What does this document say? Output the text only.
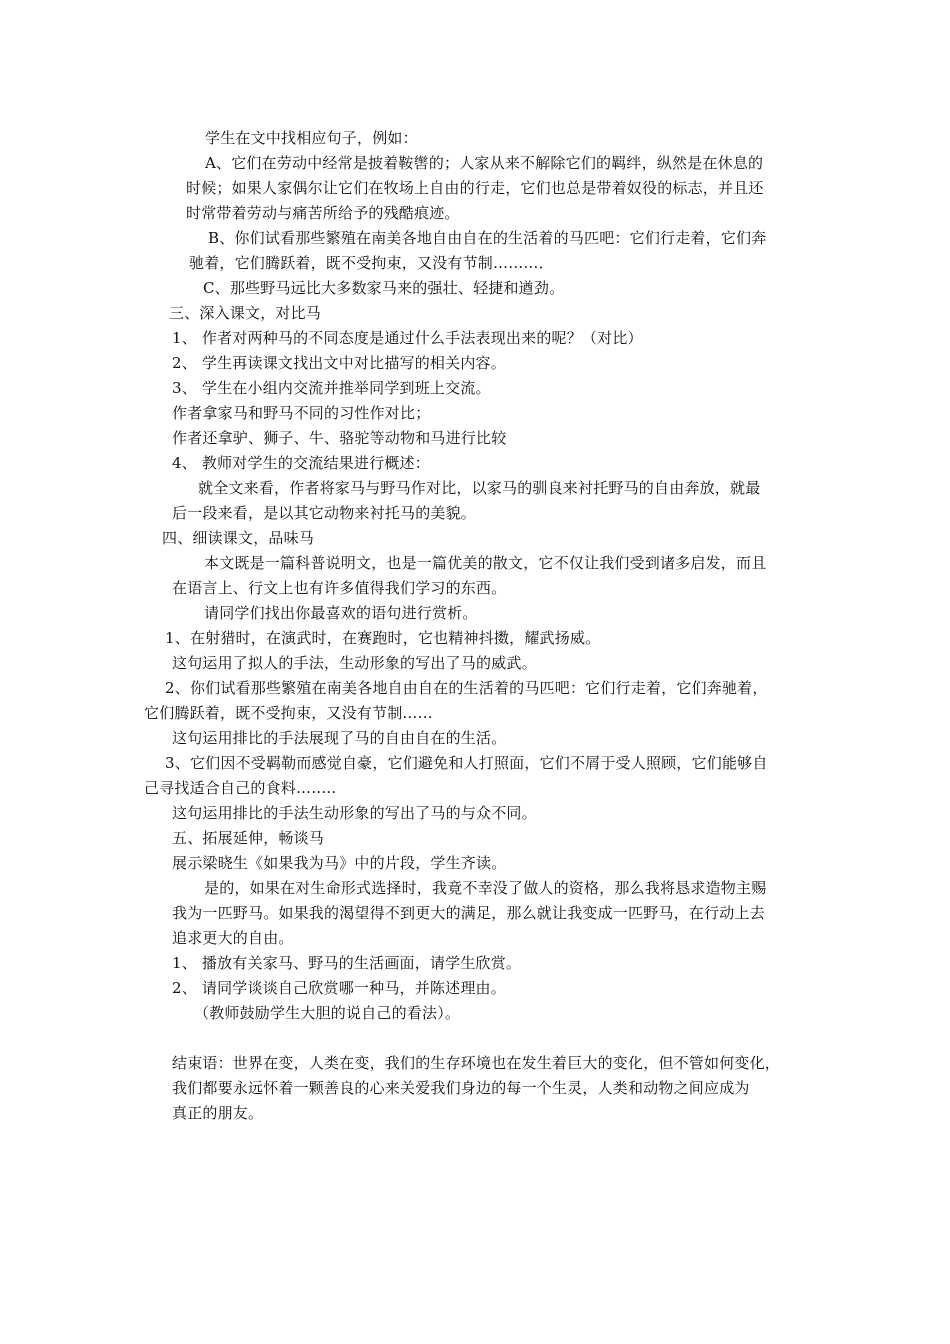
学生在文中找相应句子，例如：
A、它们在劳动中经常是披着鞍辔的；人家从来不解除它们的羁绊，纵然是在休息的
时候；如果人家偶尔让它们在牧场上自由的行走，它们也总是带着奴役的标志，并且还
时常带着劳动与痛苦所给予的残酷痕迹。
B、你们试看那些繁殖在南美各地自由自在的生活着的马匹吧：它们行走着，它们奔
驰着，它们腾跃着，既不受拘束，又没有节制………．
C、那些野马远比大多数家马来的强壮、轻捷和遒劲。
三、深入课文，对比马
1、 作者对两种马的不同态度是通过什么手法表现出来的呢？（对比）
2、 学生再读课文找出文中对比描写的相关内容。
3、 学生在小组内交流并推举同学到班上交流。
作者拿家马和野马不同的习性作对比；
作者还拿驴、狮子、牛、骆驼等动物和马进行比较
4、 教师对学生的交流结果进行概述：
就全文来看，作者将家马与野马作对比，以家马的驯良来衬托野马的自由奔放，就最
后一段来看，是以其它动物来衬托马的美貌。
四、细读课文，品味马
本文既是一篇科普说明文，也是一篇优美的散文，它不仅让我们受到诸多启发，而且
在语言上、行文上也有许多值得我们学习的东西。
请同学们找出你最喜欢的语句进行赏析。
1、在射猎时，在演武时，在赛跑时，它也精神抖擞，耀武扬威。
这句运用了拟人的手法，生动形象的写出了马的威武。
2、你们试看那些繁殖在南美各地自由自在的生活着的马匹吧：它们行走着，它们奔驰着，
它们腾跃着，既不受拘束，又没有节制……
这句运用排比的手法展现了马的自由自在的生活。
3、它们因不受羁勒而感觉自豪，它们避免和人打照面，它们不屑于受人照顾，它们能够自
己寻找适合自己的食料……..
这句运用排比的手法生动形象的写出了马的与众不同。
五、拓展延伸，畅谈马
展示梁晓生《如果我为马》中的片段，学生齐读。
是的，如果在对生命形式选择时，我竟不幸没了做人的资格，那么我将恳求造物主赐
我为一匹野马。如果我的渴望得不到更大的满足，那么就让我变成一匹野马，在行动上去
追求更大的自由。
1、 播放有关家马、野马的生活画面，请学生欣赏。
2、 请同学谈谈自己欣赏哪一种马，并陈述理由。
（教师鼓励学生大胆的说自己的看法）。
结束语：世界在变，人类在变，我们的生存环境也在发生着巨大的变化，但不管如何变化，
我们都要永远怀着一颗善良的心来关爱我们身边的每一个生灵，人类和动物之间应成为
真正的朋友。
